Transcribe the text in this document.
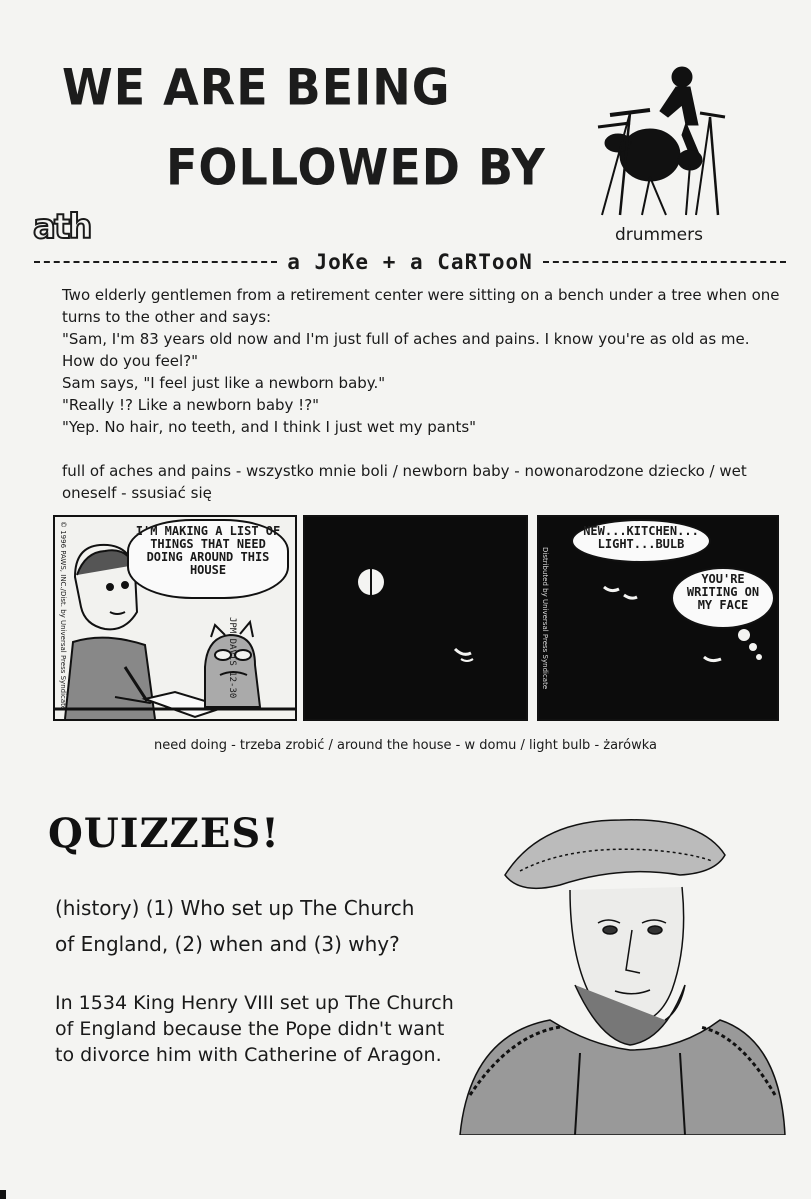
WE ARE BEING
FOLLOWED BY
ath	drummers
a JoKe + a CaRTooN

Two elderly gentlemen from a retirement center were sitting on a bench under a tree when one turns to the other and says:

"Sam, I'm 83 years old now and I'm just full of aches and pains. I know you're as old as me. How do you feel?"

Sam says, "I feel just like a newborn baby."

"Really !? Like a newborn baby !?"

"Yep. No hair, no teeth, and I think I just wet my pants"

full of aches and pains - wszystko mnie boli / newborn baby - nowonarodzone dziecko / wet oneself - ssusiać się
I'M MAKING A LIST OF THINGS THAT NEED DOING AROUND THIS HOUSE
JPM DAVIS 12-30
© 1996 PAWS, INC./Dist. by Universal Press Syndicate	NEW...KITCHEN... LIGHT...BULB
YOU'RE WRITING ON MY FACE
Distributed by Universal Press Syndicate
need doing - trzeba zrobić / around the house - w domu / light bulb - żarówka
QUIZZES!
(history) (1) Who set up The Church of England, (2) when and (3) why?
In 1534 King Henry VIII set up The Church of England because the Pope didn't want to divorce him with Catherine of Aragon.
